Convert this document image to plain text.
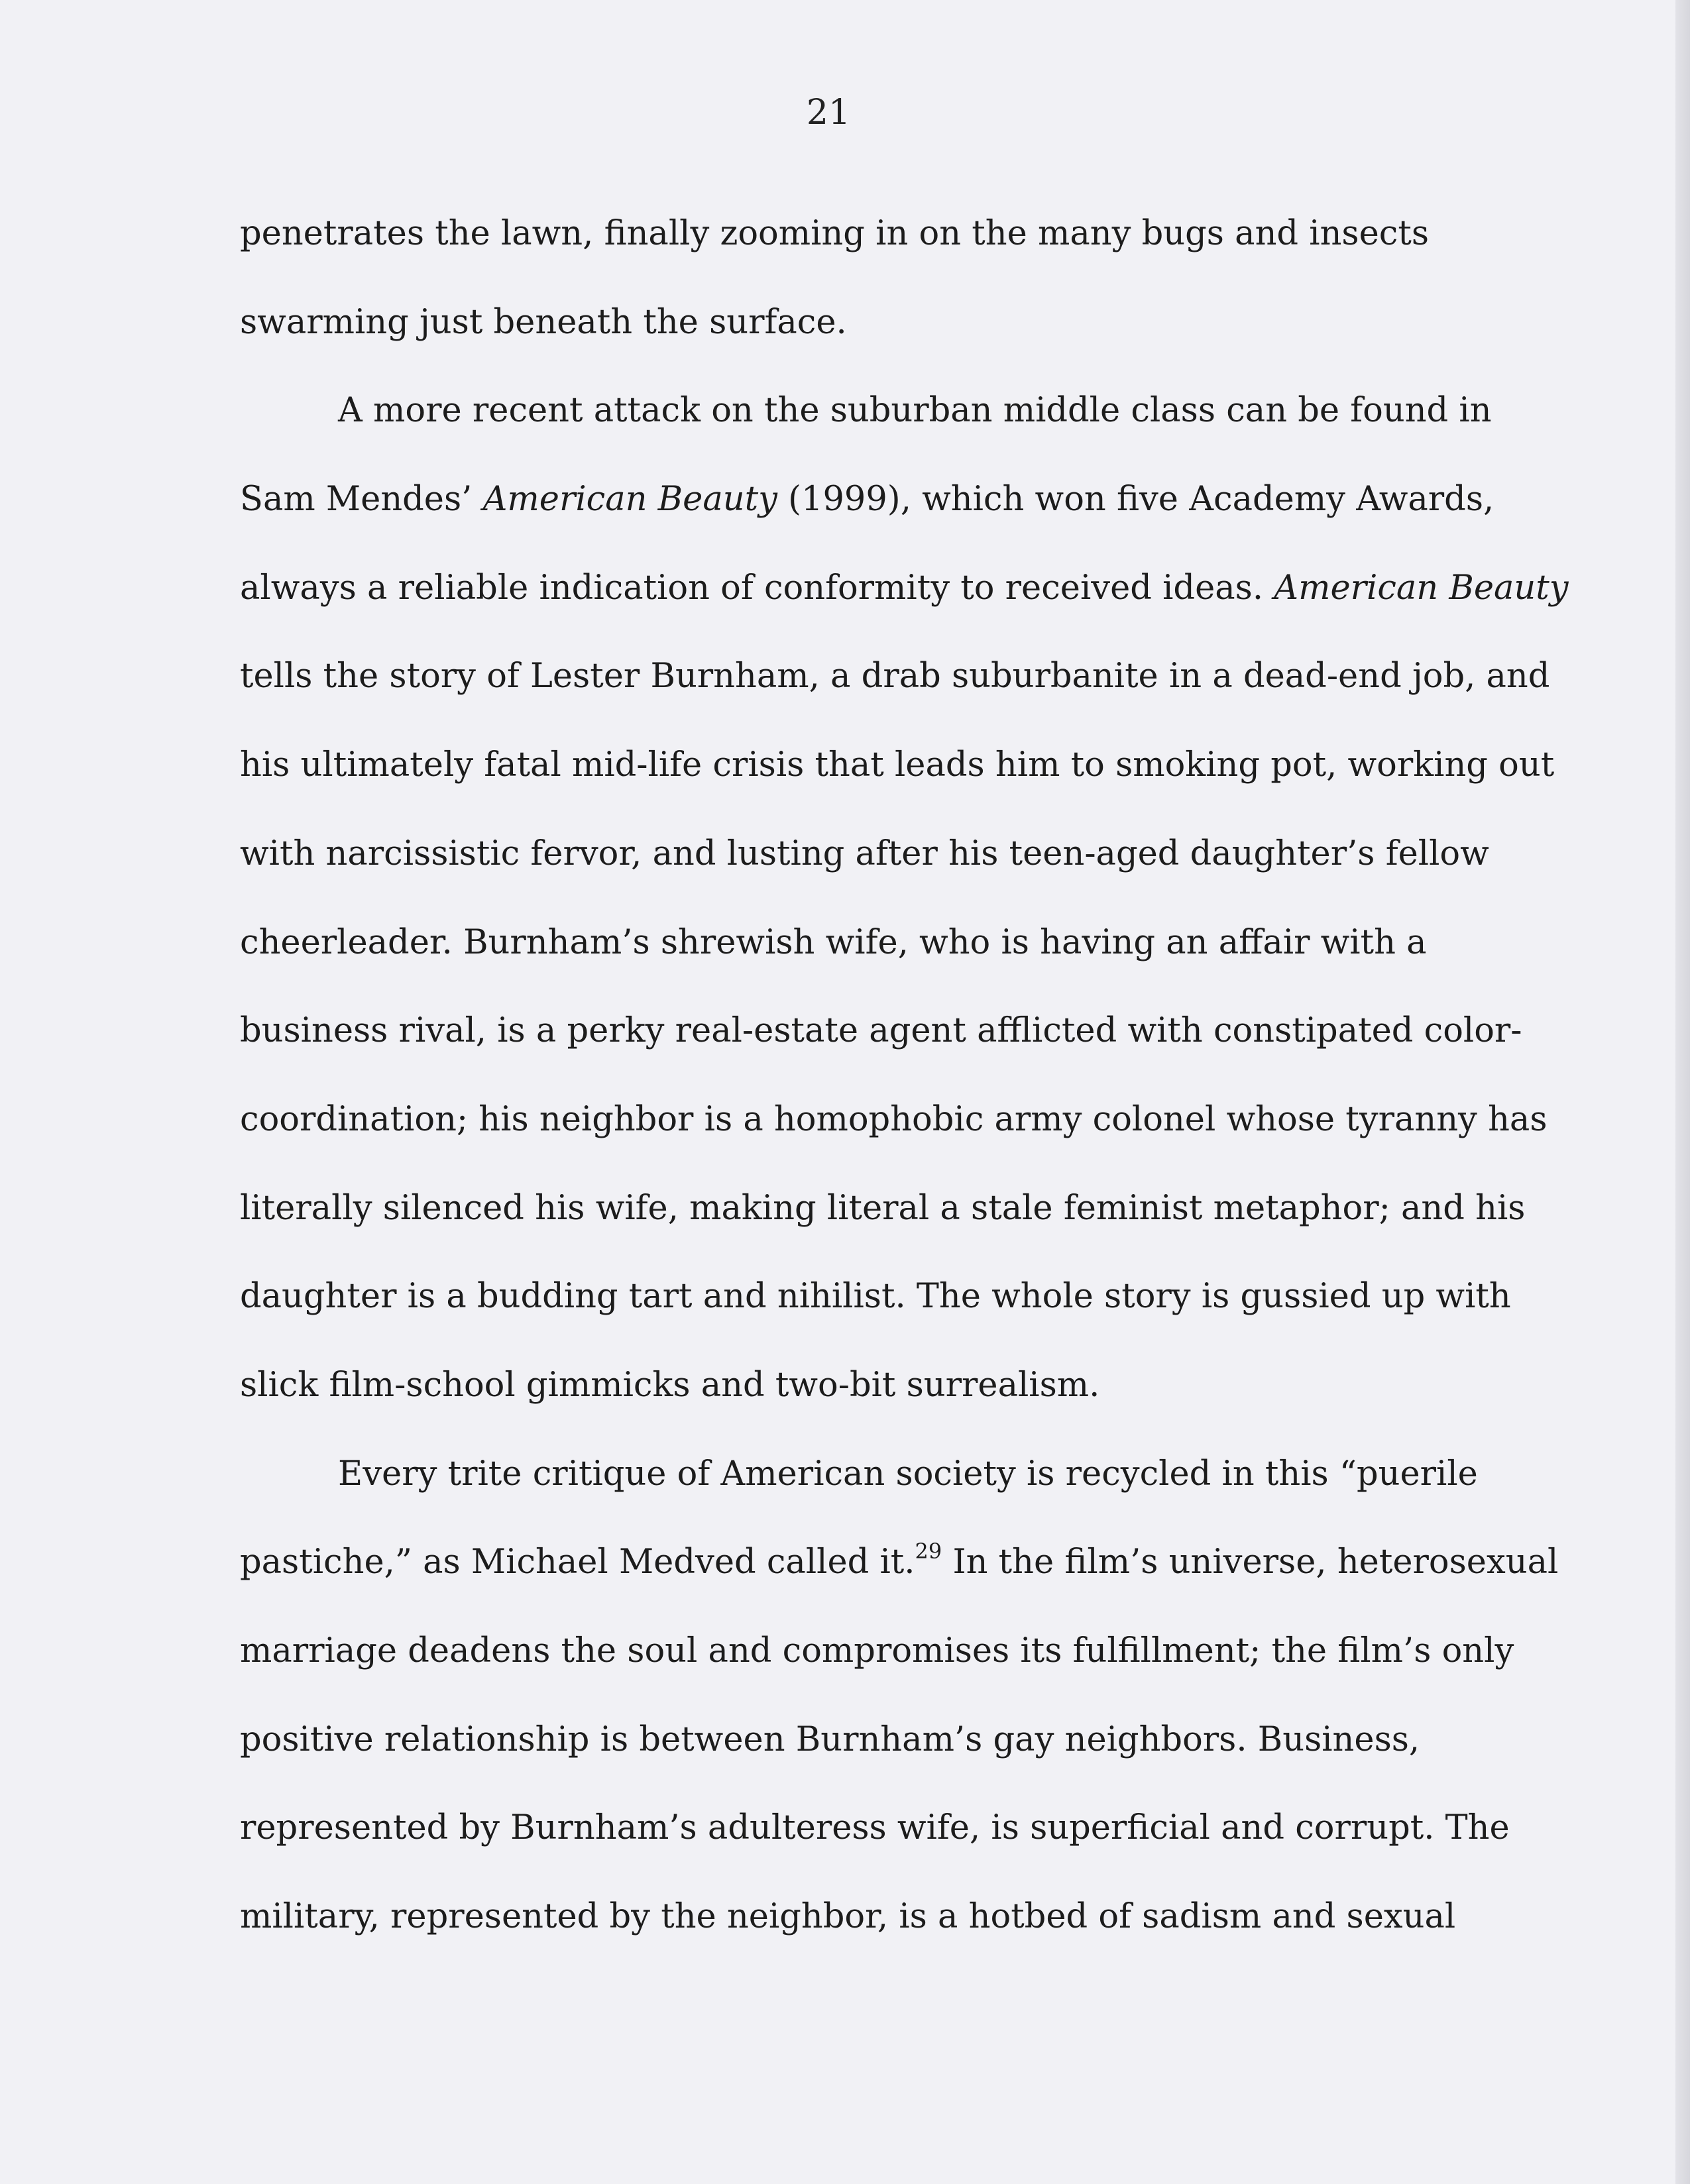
21
penetrates the lawn, finally zooming in on the many bugs and insects
swarming just beneath the surface.
A more recent attack on the suburban middle class can be found in
Sam Mendes’ American Beauty (1999), which won five Academy Awards,
always a reliable indication of conformity to received ideas. American Beauty
tells the story of Lester Burnham, a drab suburbanite in a dead-end job, and
his ultimately fatal mid-life crisis that leads him to smoking pot, working out
with narcissistic fervor, and lusting after his teen-aged daughter’s fellow
cheerleader. Burnham’s shrewish wife, who is having an affair with a
business rival, is a perky real-estate agent afflicted with constipated color-
coordination; his neighbor is a homophobic army colonel whose tyranny has
literally silenced his wife, making literal a stale feminist metaphor; and his
daughter is a budding tart and nihilist. The whole story is gussied up with
slick film-school gimmicks and two-bit surrealism.
Every trite critique of American society is recycled in this “puerile
pastiche,” as Michael Medved called it.$^{29}$ In the film’s universe, heterosexual
marriage deadens the soul and compromises its fulfillment; the film’s only
positive relationship is between Burnham’s gay neighbors. Business,
represented by Burnham’s adulteress wife, is superficial and corrupt. The
military, represented by the neighbor, is a hotbed of sadism and sexual
